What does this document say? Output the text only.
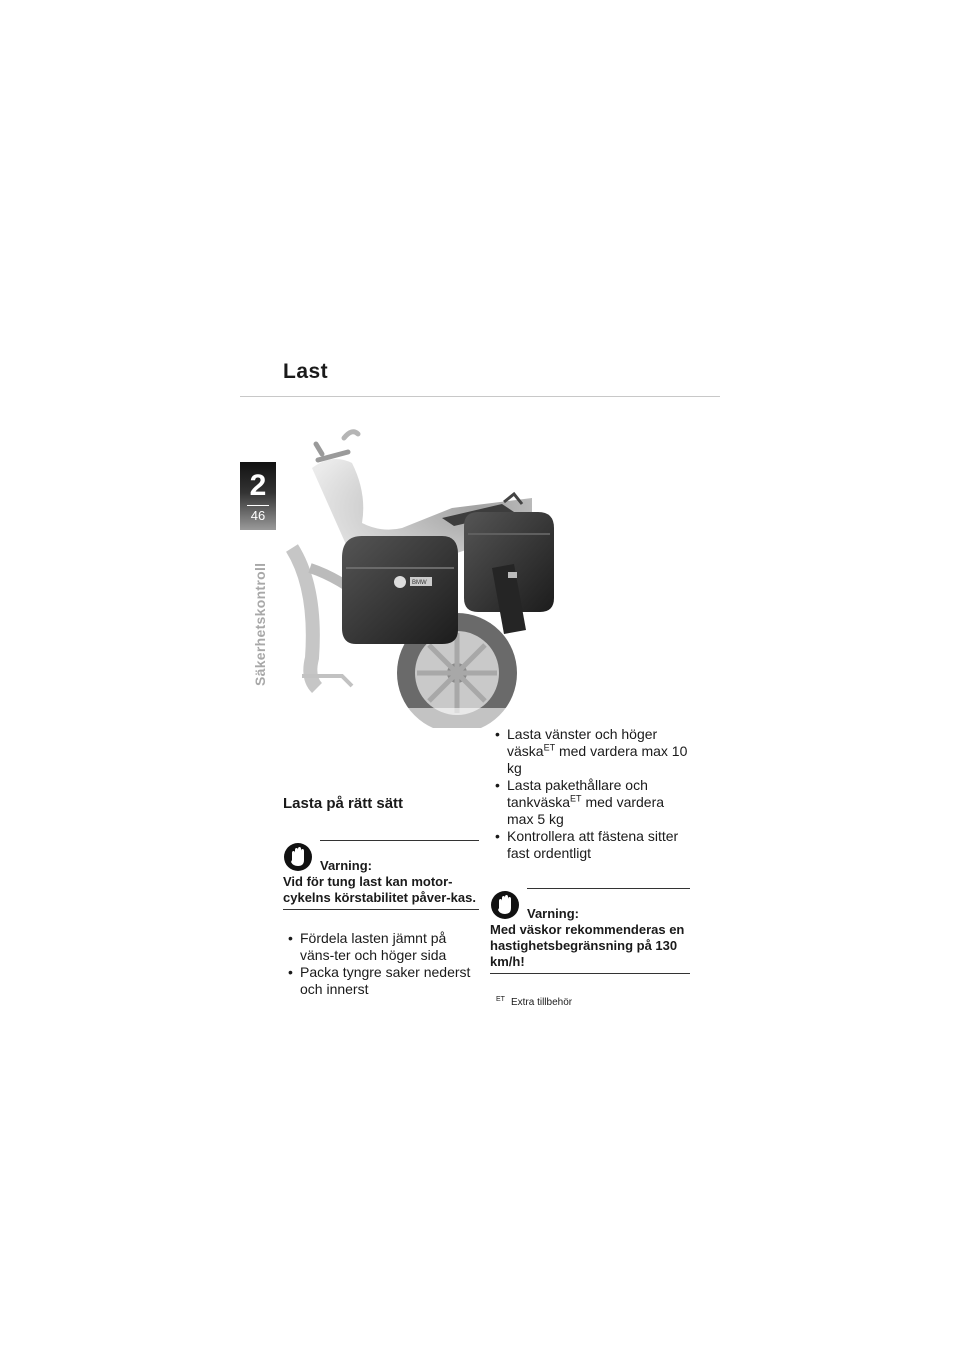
Last
2
46
Säkerhetskontroll	BMW
Lasta på rätt sätt
Varning:
Vid för tung last kan motor-cykelns körstabilitet påver-kas.
• Fördela lasten jämnt på väns-ter och höger sida
• Packa tyngre saker nederst och innerst
• Lasta vänster och höger väska$^{ET}$ med vardera max 10 kg
• Lasta pakethållare och tankväska$^{ET}$ med vardera max 5 kg
• Kontrollera att fästena sitter fast ordentligt
Varning:
Med väskor rekommenderas en hastighetsbegränsning på 130 km/h!
$^{ET}$ Extra tillbehör
